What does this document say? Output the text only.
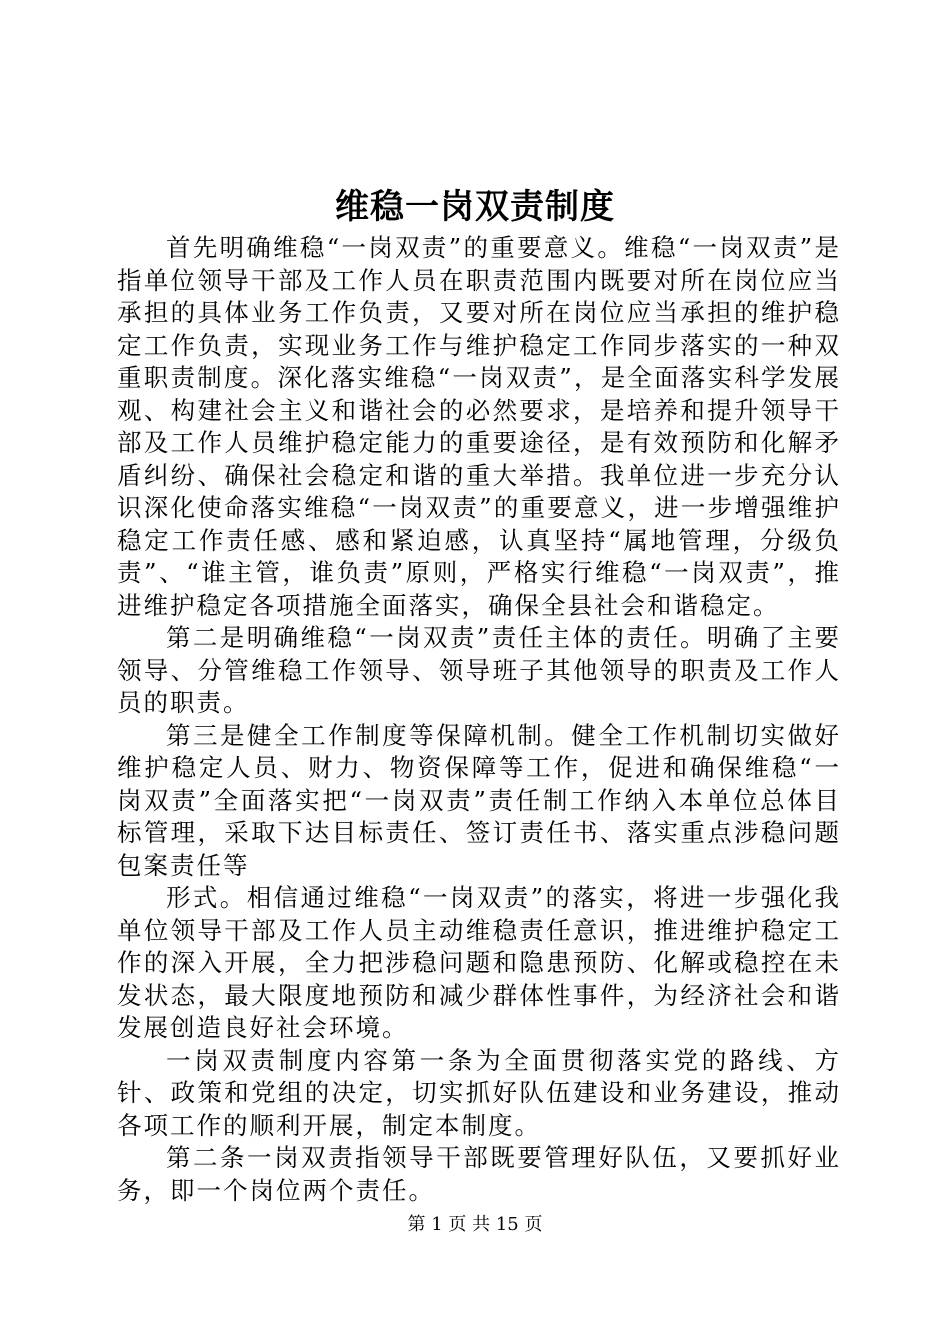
维稳一岗双责制度

首先明确维稳“一岗双责”的重要意义。维稳“一岗双责”是指单位领导干部及工作人员在职责范围内既要对所在岗位应当承担的具体业务工作负责，又要对所在岗位应当承担的维护稳定工作负责，实现业务工作与维护稳定工作同步落实的一种双重职责制度。深化落实维稳“一岗双责”，是全面落实科学发展观、构建社会主义和谐社会的必然要求，是培养和提升领导干部及工作人员维护稳定能力的重要途径，是有效预防和化解矛盾纠纷、确保社会稳定和谐的重大举措。我单位进一步充分认识深化使命落实维稳“一岗双责”的重要意义，进一步增强维护稳定工作责任感、感和紧迫感，认真坚持“属地管理，分级负责”、“谁主管，谁负责”原则，严格实行维稳“一岗双责”，推进维护稳定各项措施全面落实，确保全县社会和谐稳定。

第二是明确维稳“一岗双责”责任主体的责任。明确了主要领导、分管维稳工作领导、领导班子其他领导的职责及工作人员的职责。

第三是健全工作制度等保障机制。健全工作机制切实做好维护稳定人员、财力、物资保障等工作，促进和确保维稳“一岗双责”全面落实把“一岗双责”责任制工作纳入本单位总体目标管理，采取下达目标责任、签订责任书、落实重点涉稳问题包案责任等

形式。相信通过维稳“一岗双责”的落实，将进一步强化我单位领导干部及工作人员主动维稳责任意识，推进维护稳定工作的深入开展，全力把涉稳问题和隐患预防、化解或稳控在未发状态，最大限度地预防和减少群体性事件，为经济社会和谐发展创造良好社会环境。

一岗双责制度内容第一条为全面贯彻落实党的路线、方针、政策和党组的决定，切实抓好队伍建设和业务建设，推动各项工作的顺利开展，制定本制度。

第二条一岗双责指领导干部既要管理好队伍，又要抓好业务，即一个岗位两个责任。

第 1 页 共 15 页
